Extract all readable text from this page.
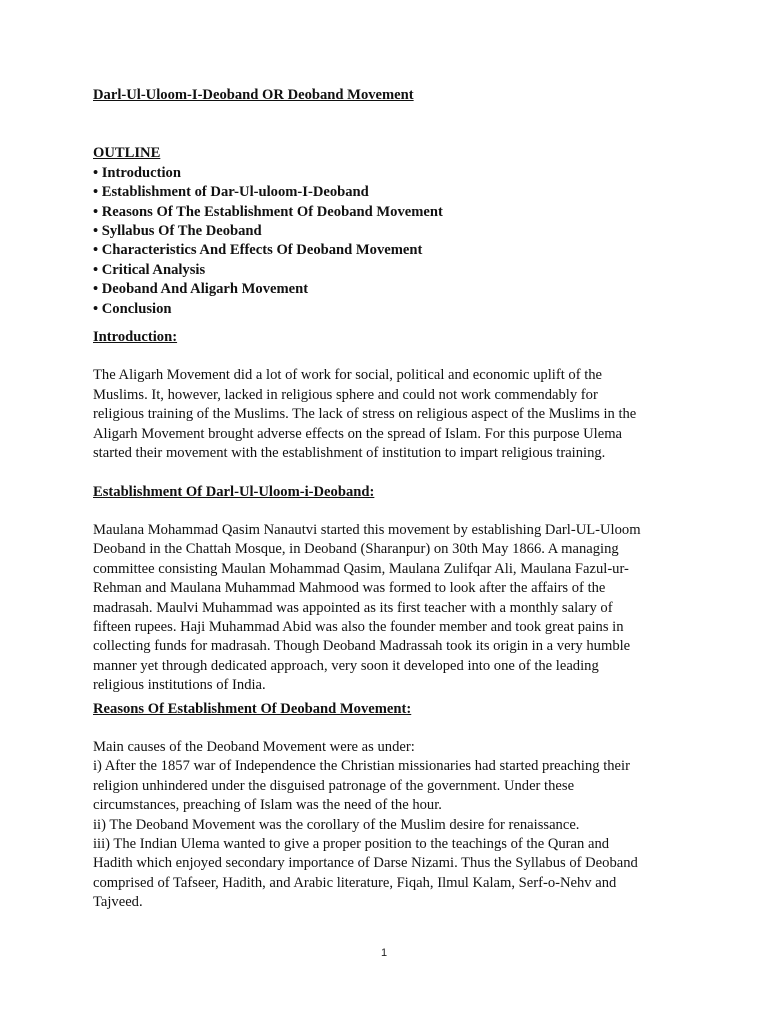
Darl-Ul-Uloom-I-Deoband OR Deoband Movement
OUTLINE
• Introduction
• Establishment of Dar-Ul-uloom-I-Deoband
• Reasons Of The Establishment Of Deoband Movement
• Syllabus Of The Deoband
• Characteristics And Effects Of Deoband Movement
• Critical Analysis
• Deoband And Aligarh Movement
• Conclusion
Introduction:

The Aligarh Movement did a lot of work for social, political and economic uplift of the
Muslims. It, however, lacked in religious sphere and could not work commendably for
religious training of the Muslims. The lack of stress on religious aspect of the Muslims in the
Aligarh Movement brought adverse effects on the spread of Islam. For this purpose Ulema
started their movement with the establishment of institution to impart religious training.

Establishment Of Darl-Ul-Uloom-i-Deoband:

Maulana Mohammad Qasim Nanautvi started this movement by establishing Darl-UL-Uloom
Deoband in the Chattah Mosque, in Deoband (Sharanpur) on 30th May 1866. A managing
committee consisting Maulan Mohammad Qasim, Maulana Zulifqar Ali, Maulana Fazul-ur-
Rehman and Maulana Muhammad Mahmood was formed to look after the affairs of the
madrasah. Maulvi Muhammad was appointed as its first teacher with a monthly salary of
fifteen rupees. Haji Muhammad Abid was also the founder member and took great pains in
collecting funds for madrasah. Though Deoband Madrassah took its origin in a very humble
manner yet through dedicated approach, very soon it developed into one of the leading
religious institutions of India.

Reasons Of Establishment Of Deoband Movement:

Main causes of the Deoband Movement were as under:
i) After the 1857 war of Independence the Christian missionaries had started preaching their
religion unhindered under the disguised patronage of the government. Under these
circumstances, preaching of Islam was the need of the hour.
ii) The Deoband Movement was the corollary of the Muslim desire for renaissance.
iii) The Indian Ulema wanted to give a proper position to the teachings of the Quran and
Hadith which enjoyed secondary importance of Darse Nizami. Thus the Syllabus of Deoband
comprised of Tafseer, Hadith, and Arabic literature, Fiqah, Ilmul Kalam, Serf-o-Nehv and
Tajveed.

1
